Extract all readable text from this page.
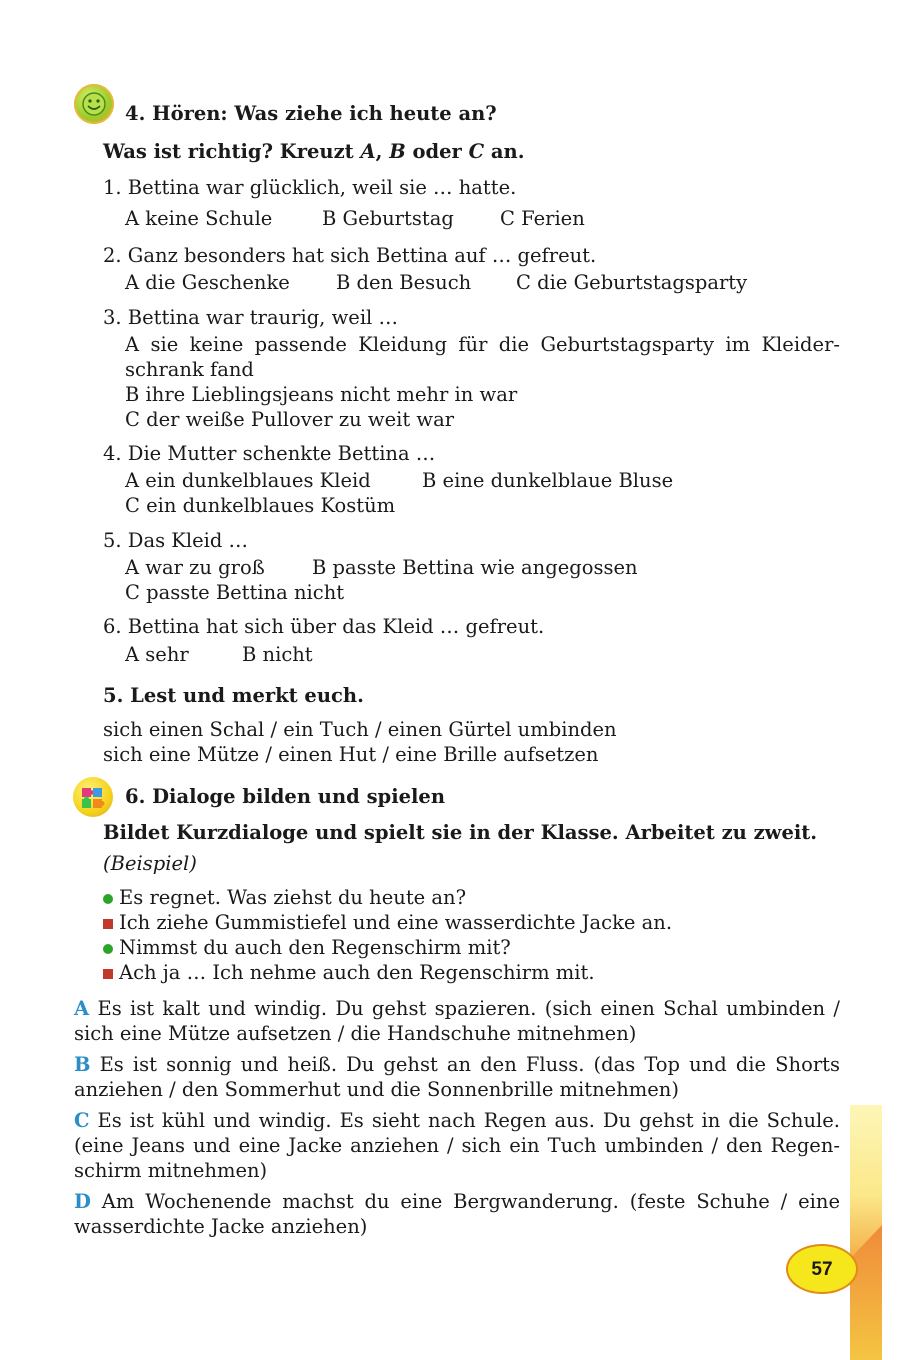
4. Hören: Was ziehe ich heute an?
Was ist richtig? Kreuzt A, B oder C an.
1. Bettina war glücklich, weil sie … hatte.
A keine Schule	B Geburtstag C Ferien
2. Ganz besonders hat sich Bettina auf … gefreut.
A die Geschenke B den Besuch C die Geburtstagsparty
3. Bettina war traurig, weil …
A sie keine passende Kleidung für die Geburtstagsparty im Kleiderschrank fand
B ihre Lieblingsjeans nicht mehr in war
C der weiße Pullover zu weit war
4. Die Mutter schenkte Bettina …
A ein dunkelblaues Kleid	B eine dunkelblaue Bluse
C ein dunkelblaues Kostüm
5. Das Kleid …
A war zu groß B passte Bettina wie angegossen
C passte Bettina nicht
6. Bettina hat sich über das Kleid … gefreut.
A sehr	B nicht
5. Lest und merkt euch.
sich einen Schal / ein Tuch / einen Gürtel umbinden
sich eine Mütze / einen Hut / eine Brille aufsetzen
6. Dialoge bilden und spielen
Bildet Kurzdialoge und spielt sie in der Klasse. Arbeitet zu zweit.
(Beispiel)
Es regnet. Was ziehst du heute an?
Ich ziehe Gummistiefel und eine wasserdichte Jacke an.
Nimmst du auch den Regenschirm mit?
Ach ja … Ich nehme auch den Regenschirm mit.
A Es ist kalt und windig. Du gehst spazieren. (sich einen Schal umbinden / sich eine Mütze aufsetzen / die Handschuhe mitnehmen)
B Es ist sonnig und heiß. Du gehst an den Fluss. (das Top und die Shorts anziehen / den Sommerhut und die Sonnenbrille mitnehmen)
C Es ist kühl und windig. Es sieht nach Regen aus. Du gehst in die Schule. (eine Jeans und eine Jacke anziehen / sich ein Tuch umbinden / den Regenschirm mitnehmen)
D Am Wochenende machst du eine Bergwanderung. (feste Schuhe / eine wasserdichte Jacke anziehen)
57
